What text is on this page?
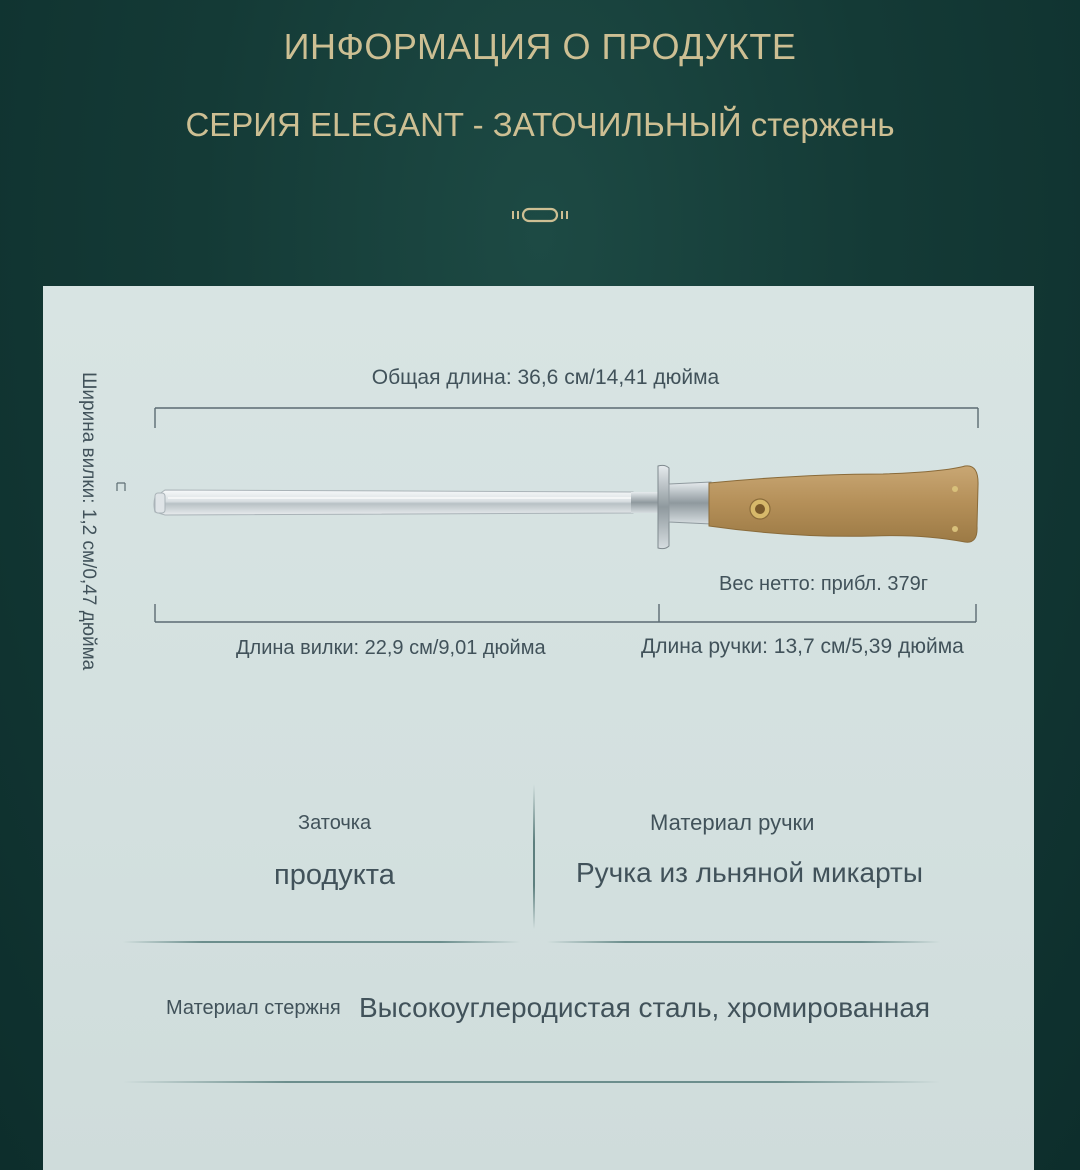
ИНФОРМАЦИЯ О ПРОДУКТЕ
СЕРИЯ ELEGANT - ЗАТОЧИЛЬНЫЙ стержень
Общая длина: 36,6 см/14,41 дюйма
Ширина вилки: 1,2 см/0,47 дюйма	Вес нетто: прибл. 379г
Длина вилки: 22,9 см/9,01 дюйма	Длина ручки: 13,7 см/5,39 дюйма
Заточка
продукта
Материал ручки
Ручка из льняной микарты
Материал стержня Высокоуглеродистая сталь, хромированная
